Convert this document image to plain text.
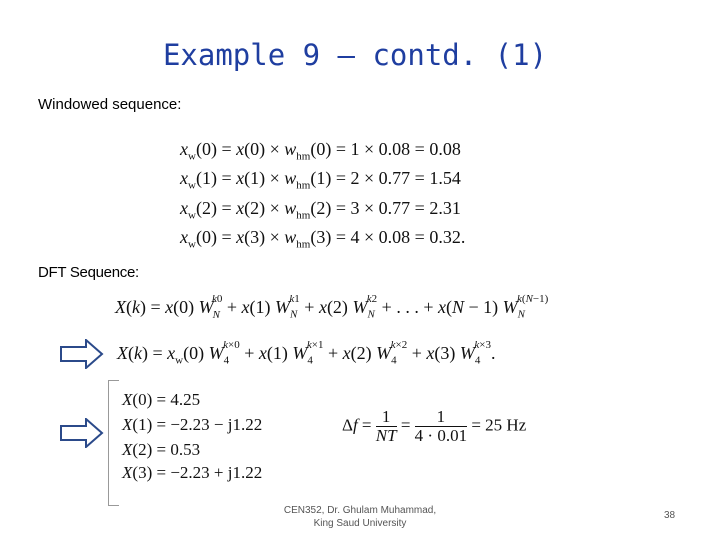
Example 9 – contd. (1)
Windowed sequence:
$x_w(0) = x(0) \times w_{hm}(0) = 1 \times 0.08 = 0.08$
$x_w(1) = x(1) \times w_{hm}(1) = 2 \times 0.77 = 1.54$
$x_w(2) = x(2) \times w_{hm}(2) = 3 \times 0.77 = 2.31$
$x_w(0) = x(3) \times w_{hm}(3) = 4 \times 0.08 = 0.32$.
DFT Sequence:
X(k) = x(0) $W_N^{k0} + x(1) W_N^{k1} + x(2) W_N^{k2}$ + . . . + x(N − 1) $W_N^{k(N-1)}$
$X(k) = x_w(0) W_4^{k\times 0} + x(1) W_4^{k\times 1} + x(2) W_4^{k\times 2} + x(3)$ $W_4^{k\times 3}$.
X(0) = 4.25
X(1) = −2.23 − j1.22
X(2) = 0.53
X(3) = −2.23 + j1.22
$\Delta f = \frac{1}{NT} = \frac{1}{4 \cdot 0.01} = 25$ Hz
CEN352, Dr. Ghulam Muhammad,
King Saud University
38
